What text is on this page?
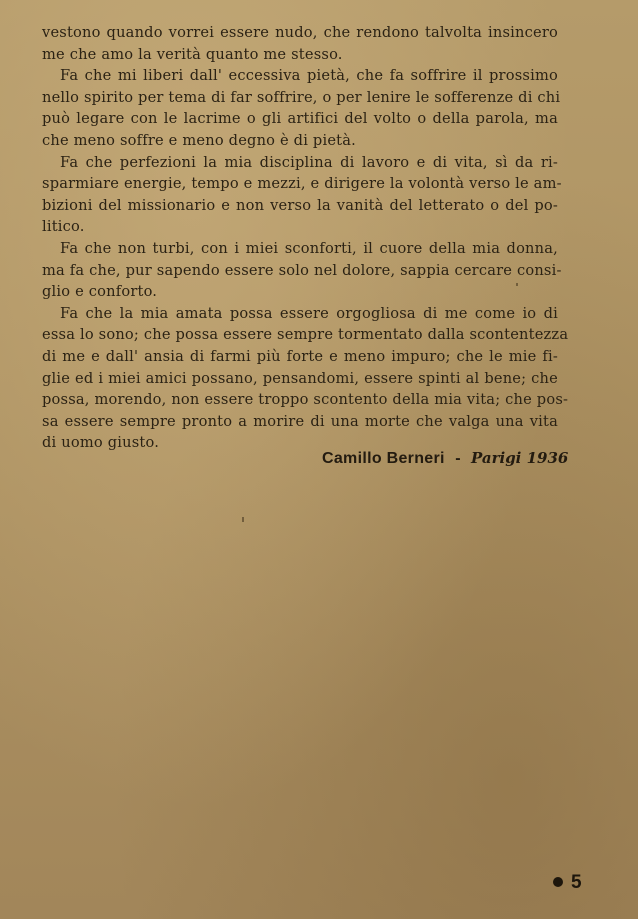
vestono quando vorrei essere nudo, che rendono talvolta insincero
me che amo la verità quanto me stesso.
Fa che mi liberi dall' eccessiva pietà, che fa soffrire il prossimo
nello spirito per tema di far soffrire, o per lenire le sofferenze di chi
può legare con le lacrime o gli artifici del volto o della parola, ma
che meno soffre e meno degno è di pietà.
Fa che perfezioni la mia disciplina di lavoro e di vita, sì da ri-
sparmiare energie, tempo e mezzi, e dirigere la volontà verso le am-
bizioni del missionario e non verso la vanità del letterato o del po-
litico.
Fa che non turbi, con i miei sconforti, il cuore della mia donna,
ma fa che, pur sapendo essere solo nel dolore, sappia cercare consi-
glio e conforto.
Fa che la mia amata possa essere orgogliosa di me come io di
essa lo sono; che possa essere sempre tormentato dalla scontentezza
di me e dall' ansia di farmi più forte e meno impuro; che le mie fi-
glie ed i miei amici possano, pensandomi, essere spinti al bene; che
possa, morendo, non essere troppo scontento della mia vita; che pos-
sa essere sempre pronto a morire di una morte che valga una vita
di uomo giusto.
Camillo Berneri - Parigi 1936
5
